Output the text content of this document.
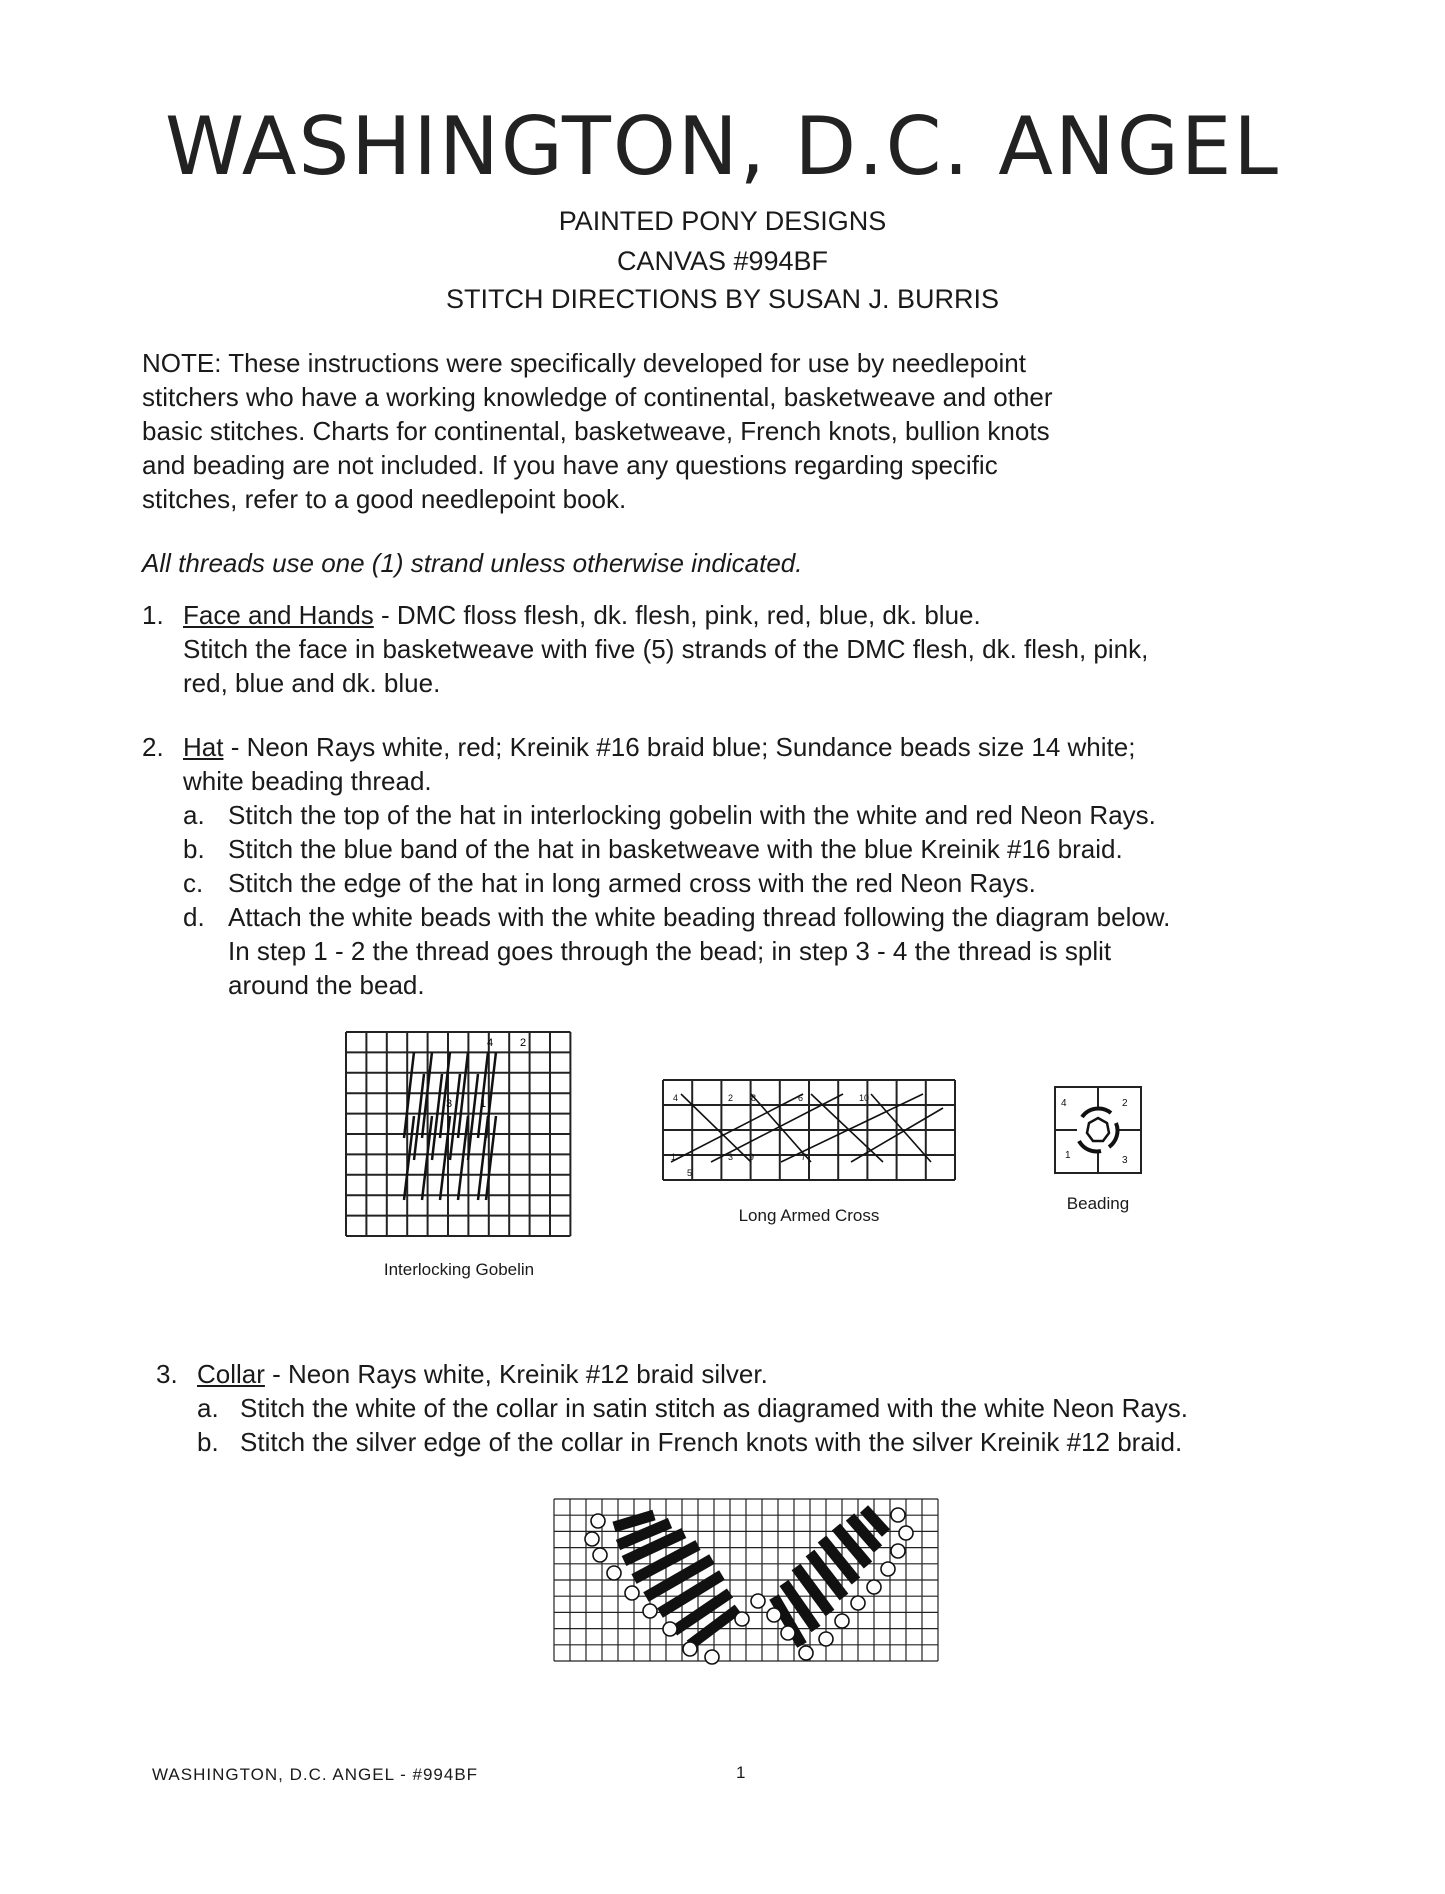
WASHINGTON, D.C. ANGEL
PAINTED PONY DESIGNS
CANVAS #994BF
STITCH DIRECTIONS BY SUSAN J. BURRIS
NOTE: These instructions were specifically developed for use by needlepoint
stitchers who have a working knowledge of continental, basketweave and other
basic stitches. Charts for continental, basketweave, French knots, bullion knots
and beading are not included. If you have any questions regarding specific
stitches, refer to a good needlepoint book.
All threads use one (1) strand unless otherwise indicated.
1. Face and Hands - DMC floss flesh, dk. flesh, pink, red, blue, dk. blue.
Stitch the face in basketweave with five (5) strands of the DMC flesh, dk. flesh, pink,
red, blue and dk. blue.
2. Hat - Neon Rays white, red; Kreinik #16 braid blue; Sundance beads size 14 white;
white beading thread.
a. Stitch the top of the hat in interlocking gobelin with the white and red Neon Rays.
b. Stitch the blue band of the hat in basketweave with the blue Kreinik #16 braid.
c. Stitch the edge of the hat in long armed cross with the red Neon Rays.
d. Attach the white beads with the white beading thread following the diagram below.
In step 1 - 2 the thread goes through the bead; in step 3 - 4 the thread is split
around the bead.
4 2
3	1
Interlocking Gobelin
4	2 8	6	10
1
5
3 9	7
Long Armed Cross
4	2
1	3
Beading
3. Collar - Neon Rays white, Kreinik #12 braid silver.
a. Stitch the white of the collar in satin stitch as diagramed with the white Neon Rays.
b. Stitch the silver edge of the collar in French knots with the silver Kreinik #12 braid.
WASHINGTON, D.C. ANGEL - #994BF	1
